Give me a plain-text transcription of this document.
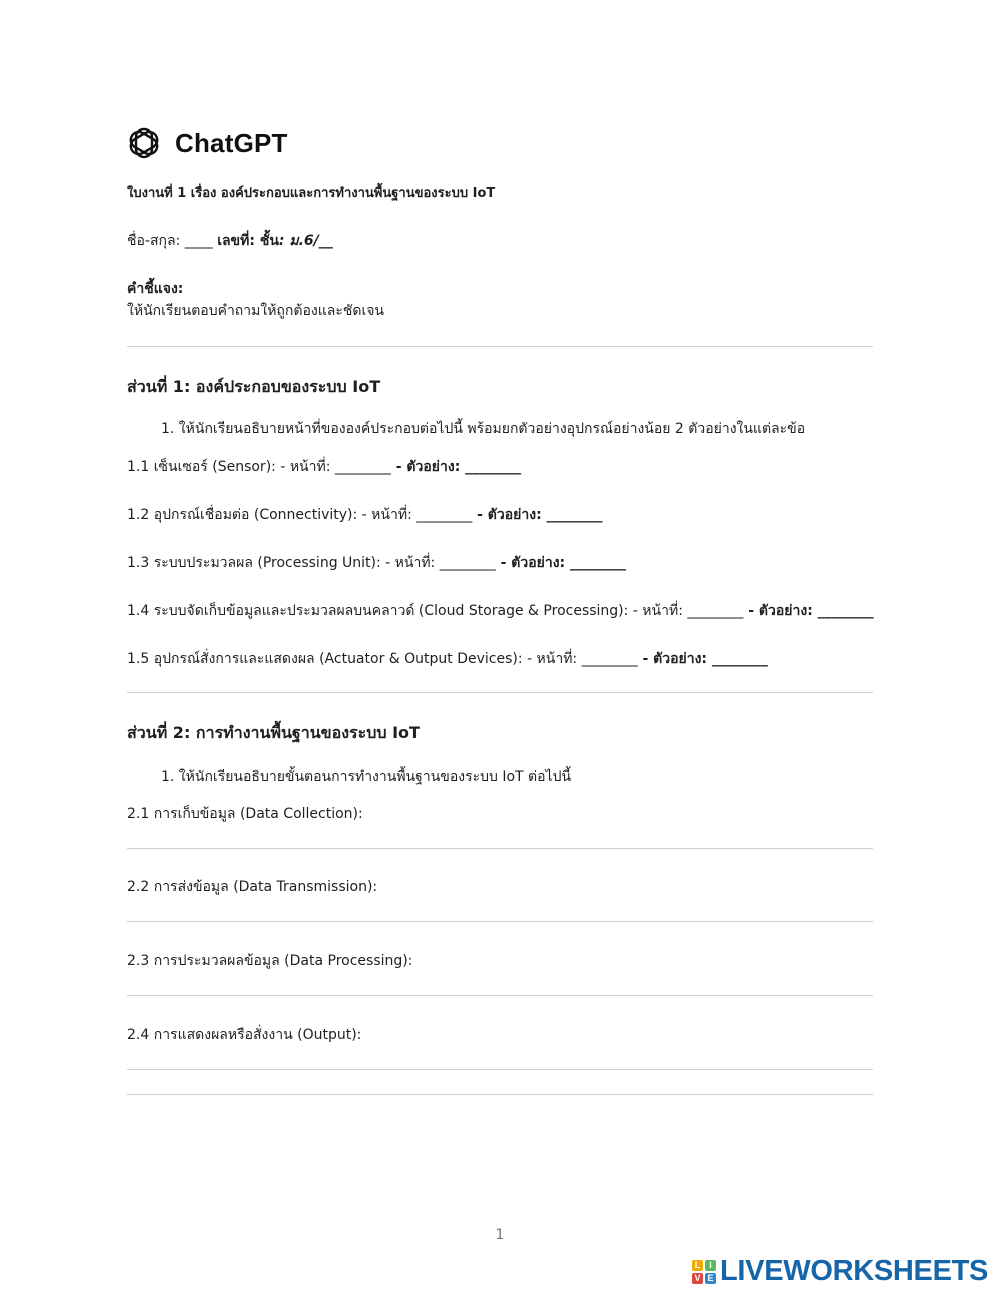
ChatGPT
ใบงานที่ 1 เรื่อง องค์ประกอบและการทำงานพื้นฐานของระบบ IoT
ชื่อ-สกุล: ____ เลขที่: ชั้น: ม.6/__
คำชี้แจง:
ให้นักเรียนตอบคำถามให้ถูกต้องและชัดเจน
ส่วนที่ 1: องค์ประกอบของระบบ IoT
1. ให้นักเรียนอธิบายหน้าที่ขององค์ประกอบต่อไปนี้ พร้อมยกตัวอย่างอุปกรณ์อย่างน้อย 2 ตัวอย่างในแต่ละข้อ
1.1 เซ็นเซอร์ (Sensor): - หน้าที่: ________ - ตัวอย่าง: ________
1.2 อุปกรณ์เชื่อมต่อ (Connectivity): - หน้าที่: ________ - ตัวอย่าง: ________
1.3 ระบบประมวลผล (Processing Unit): - หน้าที่: ________ - ตัวอย่าง: ________
1.4 ระบบจัดเก็บข้อมูลและประมวลผลบนคลาวด์ (Cloud Storage & Processing): - หน้าที่: ________ - ตัวอย่าง: ________
1.5 อุปกรณ์สั่งการและแสดงผล (Actuator & Output Devices): - หน้าที่: ________ - ตัวอย่าง: ________
ส่วนที่ 2: การทำงานพื้นฐานของระบบ IoT
1. ให้นักเรียนอธิบายขั้นตอนการทำงานพื้นฐานของระบบ IoT ต่อไปนี้
2.1 การเก็บข้อมูล (Data Collection):
2.2 การส่งข้อมูล (Data Transmission):
2.3 การประมวลผลข้อมูล (Data Processing):
2.4 การแสดงผลหรือสั่งงาน (Output):
1
L I
V E LIVEWORKSHEETS
